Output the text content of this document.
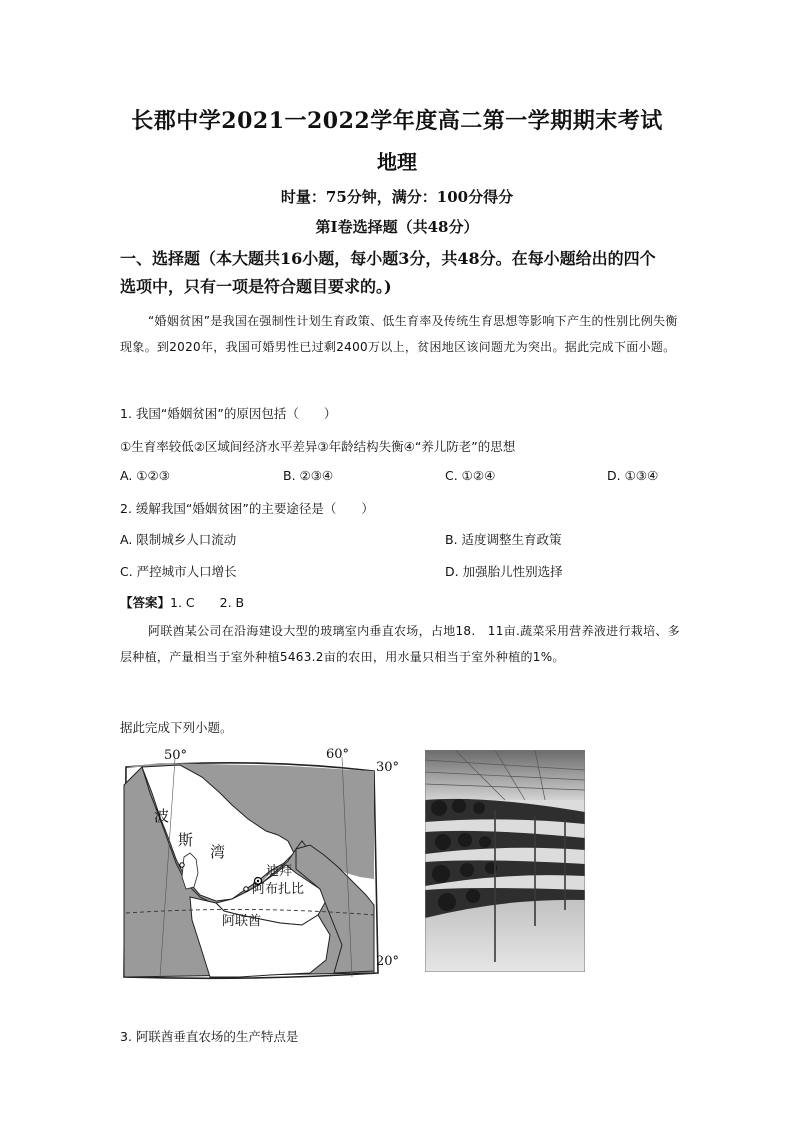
长郡中学2021一2022学年度高二第一学期期末考试
地理
时量：75分钟，满分：100分得分
第Ⅰ卷选择题（共48分）
一、选择题（本大题共16小题，每小题3分，共48分。在每小题给出的四个
选项中，只有一项是符合题目要求的。)
“婚姻贫困”是我国在强制性计划生育政策、低生育率及传统生育思想等影响下产生的性别比例失衡现象。到2020年，我国可婚男性已过剩2400万以上，贫困地区该问题尤为突出。据此完成下面小题。
1. 我国“婚姻贫困”的原因包括（　　）
①生育率较低②区域间经济水平差异③年龄结构失衡④“养儿防老”的思想
A. ①②③	B. ②③④	C. ①②④	D. ①③④
2. 缓解我国“婚姻贫困”的主要途径是（　　）
A. 限制城乡人口流动	B. 适度调整生育政策
C. 严控城市人口增长	D. 加强胎儿性别选择
【答案】1. C　　2. B
阿联酋某公司在沿海建设大型的玻璃室内垂直农场，占地18.　11亩.蔬菜采用营养液进行栽培、多层种植，产量相当于室外种植5463.2亩的农田，用水量只相当于室外种植的1%。
据此完成下列小题。
50°	60°
30°
20°
波
斯
湾
迪拜
阿布扎比
阿联酋
3. 阿联酋垂直农场的生产特点是
